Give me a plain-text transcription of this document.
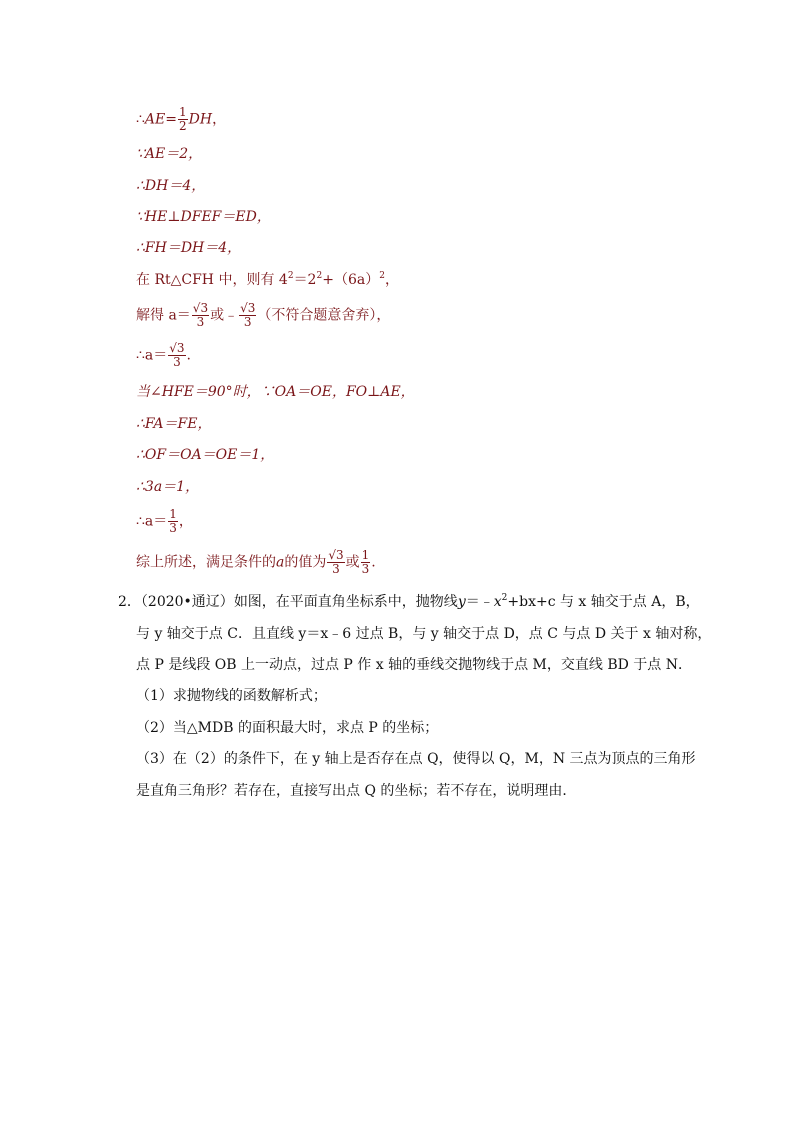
∴AE= $\frac{1}{2}$ DH，
∵AE＝2，
∴DH＝4，
∵HE⊥DFEF＝ED，
∴FH＝DH＝4，
在 Rt△CFH 中，则有 $4^2=2^2+(6a)^2$，
解得 $a= \frac{√3}{3}$ 或﹣ $\frac{√3}{3}$ （不符合题意舍弃），
∴a＝ $\frac{√3}{3}$ .
当∠HFE＝90°时，∵OA＝OE，FO⊥AE，
∴FA＝FE，
∴OF＝OA＝OE＝1，
∴3a＝1，
∴a＝ $\frac{1}{3}$ ，
综上所述，满足条件的a的值为 $\frac{√3}{3}$ 或 $\frac{1}{3}$ .
2．（2020•通辽）如图，在平面直角坐标系中，抛物线$y=﹣x^2+bx+c$ 与 x 轴交于点 A，B，
与 y 轴交于点 C．且直线 y＝x﹣6 过点 B，与 y 轴交于点 D，点 C 与点 D 关于 x 轴对称，
点 P 是线段 OB 上一动点，过点 P 作 x 轴的垂线交抛物线于点 M，交直线 BD 于点 N．
（1）求抛物线的函数解析式；
（2）当△MDB 的面积最大时，求点 P 的坐标；
（3）在（2）的条件下，在 y 轴上是否存在点 Q，使得以 Q，M，N 三点为顶点的三角形
是直角三角形？若存在，直接写出点 Q 的坐标；若不存在，说明理由．
